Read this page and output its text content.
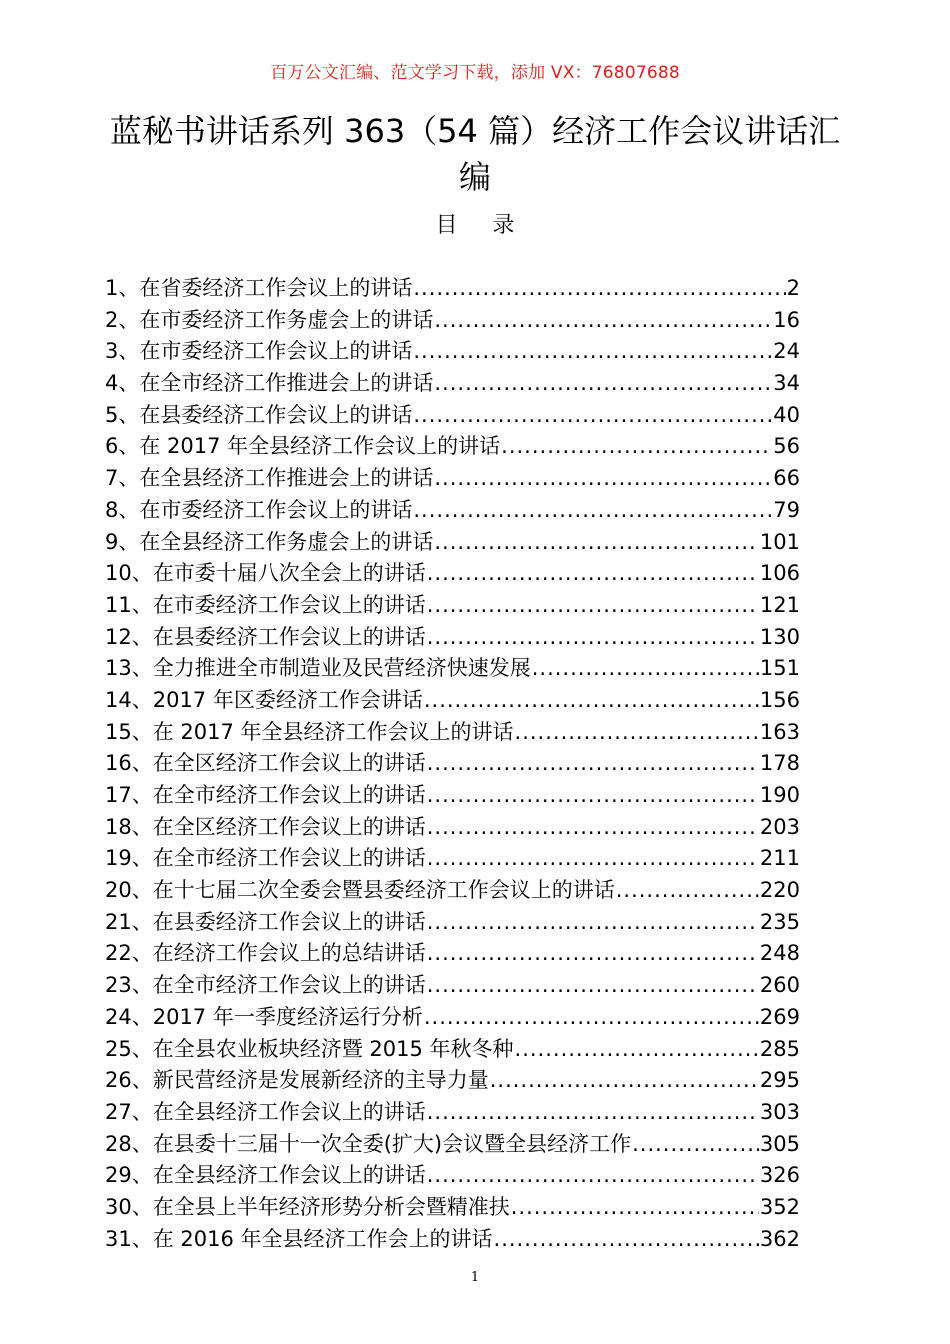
百万公文汇编、范文学习下载，添加 VX：76807688
蓝秘书讲话系列 363（54 篇）经济工作会议讲话汇编
目 录
1、在省委经济工作会议上的讲话 .....	2
2、在市委经济工作务虚会上的讲话 .....	16
3、在市委经济工作会议上的讲话 .....	24
4、在全市经济工作推进会上的讲话 .....	34
5、在县委经济工作会议上的讲话 .....	40
6、在 2017 年全县经济工作会议上的讲话 .....	56
7、在全县经济工作推进会上的讲话 .....	66
8、在市委经济工作会议上的讲话 .....	79
9、在全县经济工作务虚会上的讲话 .....	101
10、在市委十届八次全会上的讲话 .....	106
11、在市委经济工作会议上的讲话 .....	121
12、在县委经济工作会议上的讲话 .....	130
13、全力推进全市制造业及民营经济快速发展 .....	151
14、2017 年区委经济工作会讲话 .....	156
15、在 2017 年全县经济工作会议上的讲话 .....	163
16、在全区经济工作会议上的讲话 .....	178
17、在全市经济工作会议上的讲话 .....	190
18、在全区经济工作会议上的讲话 .....	203
19、在全市经济工作会议上的讲话 .....	211
20、在十七届二次全委会暨县委经济工作会议上的讲话 .....	220
21、在县委经济工作会议上的讲话 .....	235
22、在经济工作会议上的总结讲话 .....	248
23、在全市经济工作会议上的讲话 .....	260
24、2017 年一季度经济运行分析 .....	269
25、在全县农业板块经济暨 2015 年秋冬种 .....	285
26、新民营经济是发展新经济的主导力量 .....	295
27、在全县经济工作会议上的讲话 .....	303
28、在县委十三届十一次全委(扩大)会议暨全县经济工作 .....	305
29、在全县经济工作会议上的讲话 .....	326
30、在全县上半年经济形势分析会暨精准扶 .....	352
31、在 2016 年全县经济工作会上的讲话 .....	362
1
